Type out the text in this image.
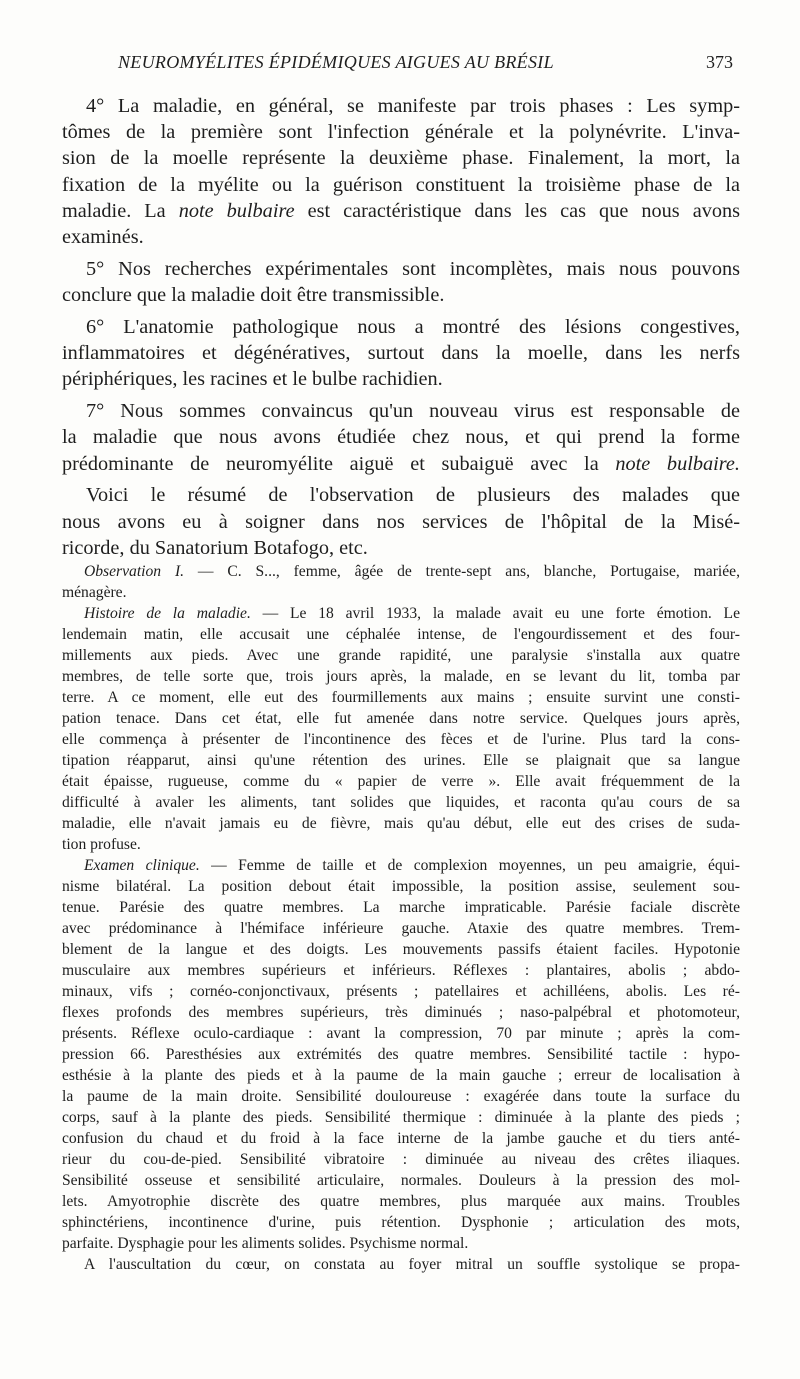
NEUROMYÉLITES ÉPIDÉMIQUES AIGUES AU BRÉSIL	373
4° La maladie, en général, se manifeste par trois phases : Les symp-
tômes de la première sont l'infection générale et la polynévrite. L'inva-
sion de la moelle représente la deuxième phase. Finalement, la mort, la
fixation de la myélite ou la guérison constituent la troisième phase de la
maladie. La note bulbaire est caractéristique dans les cas que nous avons
examinés.
5° Nos recherches expérimentales sont incomplètes, mais nous pouvons
conclure que la maladie doit être transmissible.
6° L'anatomie pathologique nous a montré des lésions congestives,
inflammatoires et dégénératives, surtout dans la moelle, dans les nerfs
périphériques, les racines et le bulbe rachidien.
7° Nous sommes convaincus qu'un nouveau virus est responsable de
la maladie que nous avons étudiée chez nous, et qui prend la forme
prédominante de neuromyélite aiguë et subaiguë avec la note bulbaire.
Voici le résumé de l'observation de plusieurs des malades que
nous avons eu à soigner dans nos services de l'hôpital de la Misé-
ricorde, du Sanatorium Botafogo, etc.
Observation I. — C. S..., femme, âgée de trente-sept ans, blanche, Portugaise, mariée,
ménagère.
Histoire de la maladie. — Le 18 avril 1933, la malade avait eu une forte émotion. Le
lendemain matin, elle accusait une céphalée intense, de l'engourdissement et des four-
millements aux pieds. Avec une grande rapidité, une paralysie s'installa aux quatre
membres, de telle sorte que, trois jours après, la malade, en se levant du lit, tomba par
terre. A ce moment, elle eut des fourmillements aux mains ; ensuite survint une consti-
pation tenace. Dans cet état, elle fut amenée dans notre service. Quelques jours après,
elle commença à présenter de l'incontinence des fèces et de l'urine. Plus tard la cons-
tipation réapparut, ainsi qu'une rétention des urines. Elle se plaignait que sa langue
était épaisse, rugueuse, comme du « papier de verre ». Elle avait fréquemment de la
difficulté à avaler les aliments, tant solides que liquides, et raconta qu'au cours de sa
maladie, elle n'avait jamais eu de fièvre, mais qu'au début, elle eut des crises de suda-
tion profuse.
Examen clinique. — Femme de taille et de complexion moyennes, un peu amaigrie, équi-
nisme bilatéral. La position debout était impossible, la position assise, seulement sou-
tenue. Parésie des quatre membres. La marche impraticable. Parésie faciale discrète
avec prédominance à l'hémiface inférieure gauche. Ataxie des quatre membres. Trem-
blement de la langue et des doigts. Les mouvements passifs étaient faciles. Hypotonie
musculaire aux membres supérieurs et inférieurs. Réflexes : plantaires, abolis ; abdo-
minaux, vifs ; cornéo-conjonctivaux, présents ; patellaires et achilléens, abolis. Les ré-
flexes profonds des membres supérieurs, très diminués ; naso-palpébral et photomoteur,
présents. Réflexe oculo-cardiaque : avant la compression, 70 par minute ; après la com-
pression 66. Paresthésies aux extrémités des quatre membres. Sensibilité tactile : hypo-
esthésie à la plante des pieds et à la paume de la main gauche ; erreur de localisation à
la paume de la main droite. Sensibilité douloureuse : exagérée dans toute la surface du
corps, sauf à la plante des pieds. Sensibilité thermique : diminuée à la plante des pieds ;
confusion du chaud et du froid à la face interne de la jambe gauche et du tiers anté-
rieur du cou-de-pied. Sensibilité vibratoire : diminuée au niveau des crêtes iliaques.
Sensibilité osseuse et sensibilité articulaire, normales. Douleurs à la pression des mol-
lets. Amyotrophie discrète des quatre membres, plus marquée aux mains. Troubles
sphinctériens, incontinence d'urine, puis rétention. Dysphonie ; articulation des mots,
parfaite. Dysphagie pour les aliments solides. Psychisme normal.
A l'auscultation du cœur, on constata au foyer mitral un souffle systolique se propa-
